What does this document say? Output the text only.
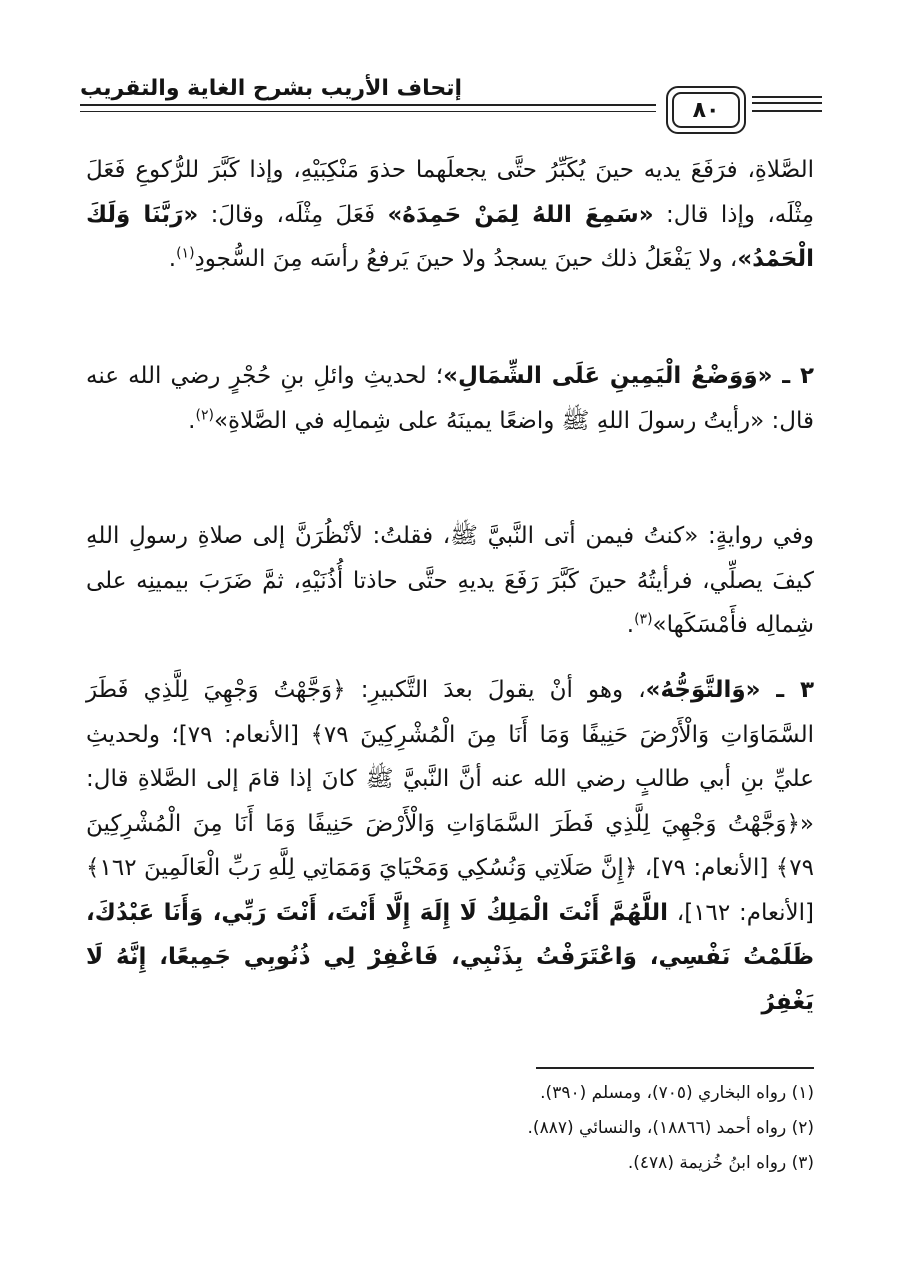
إتحاف الأريب بشرح الغاية والتقريب
٨٠

الصَّلاةِ، فرَفَعَ يديه حينَ يُكَبِّرُ حتَّى يجعلَهما حذوَ مَنْكِبَيْهِ، وإذا كَبَّرَ للرُّكوعِ فَعَلَ مِثْلَه، وإذا قال: «سَمِعَ اللهُ لِمَنْ حَمِدَهُ» فَعَلَ مِثْلَه، وقالَ: «رَبَّنَا وَلَكَ الْحَمْدُ»، ولا يَفْعَلُ ذلك حينَ يسجدُ ولا حينَ يَرفعُ رأسَه مِنَ السُّجودِ$^{(١)}$.

٢ ـ «وَوَضْعُ الْيَمِينِ عَلَى الشِّمَالِ»؛ لحديثِ وائلِ بنِ حُجْرٍ رضي الله عنه قال: «رأيتُ رسولَ اللهِ ﷺ واضعًا يمينَهُ على شِمالِه في الصَّلاةِ»$^{(٢)}$.

وفي روايةٍ: «كنتُ فيمن أتى النَّبيَّ ﷺ، فقلتُ: لأنْظُرَنَّ إلى صلاةِ رسولِ اللهِ كيفَ يصلِّي، فرأيتُهُ حينَ كَبَّرَ رَفَعَ يديهِ حتَّى حاذتا أُذُنَيْهِ، ثمَّ ضَرَبَ بيمينِه على شِمالِه فأَمْسَكَها»$^{(٣)}$.

٣ ـ «وَالتَّوَجُّهُ»، وهو أنْ يقولَ بعدَ التَّكبيرِ: ﴿وَجَّهْتُ وَجْهِيَ لِلَّذِي فَطَرَ السَّمَاوَاتِ وَالْأَرْضَ حَنِيفًا وَمَا أَنَا مِنَ الْمُشْرِكِينَ ٧٩﴾ [الأنعام: ٧٩]؛ ولحديثِ عليِّ بنِ أبي طالبٍ رضي الله عنه أنَّ النَّبيَّ ﷺ كانَ إذا قامَ إلى الصَّلاةِ قال: «﴿وَجَّهْتُ وَجْهِيَ لِلَّذِي فَطَرَ السَّمَاوَاتِ وَالْأَرْضَ حَنِيفًا وَمَا أَنَا مِنَ الْمُشْرِكِينَ ٧٩﴾ [الأنعام: ٧٩]، ﴿إِنَّ صَلَاتِي وَنُسُكِي وَمَحْيَايَ وَمَمَاتِي لِلَّهِ رَبِّ الْعَالَمِينَ ١٦٢﴾ [الأنعام: ١٦٢]، اللَّهُمَّ أَنْتَ الْمَلِكُ لَا إِلَهَ إِلَّا أَنْتَ، أَنْتَ رَبِّي، وَأَنَا عَبْدُكَ، ظَلَمْتُ نَفْسِي، وَاعْتَرَفْتُ بِذَنْبِي، فَاغْفِرْ لِي ذُنُوبِي جَمِيعًا، إِنَّهُ لَا يَغْفِرُ

(١) رواه البخاري (٧٠٥)، ومسلم (٣٩٠).
(٢) رواه أحمد (١٨٨٦٦)، والنسائي (٨٨٧).
(٣) رواه ابنُ خُزيمة (٤٧٨).
